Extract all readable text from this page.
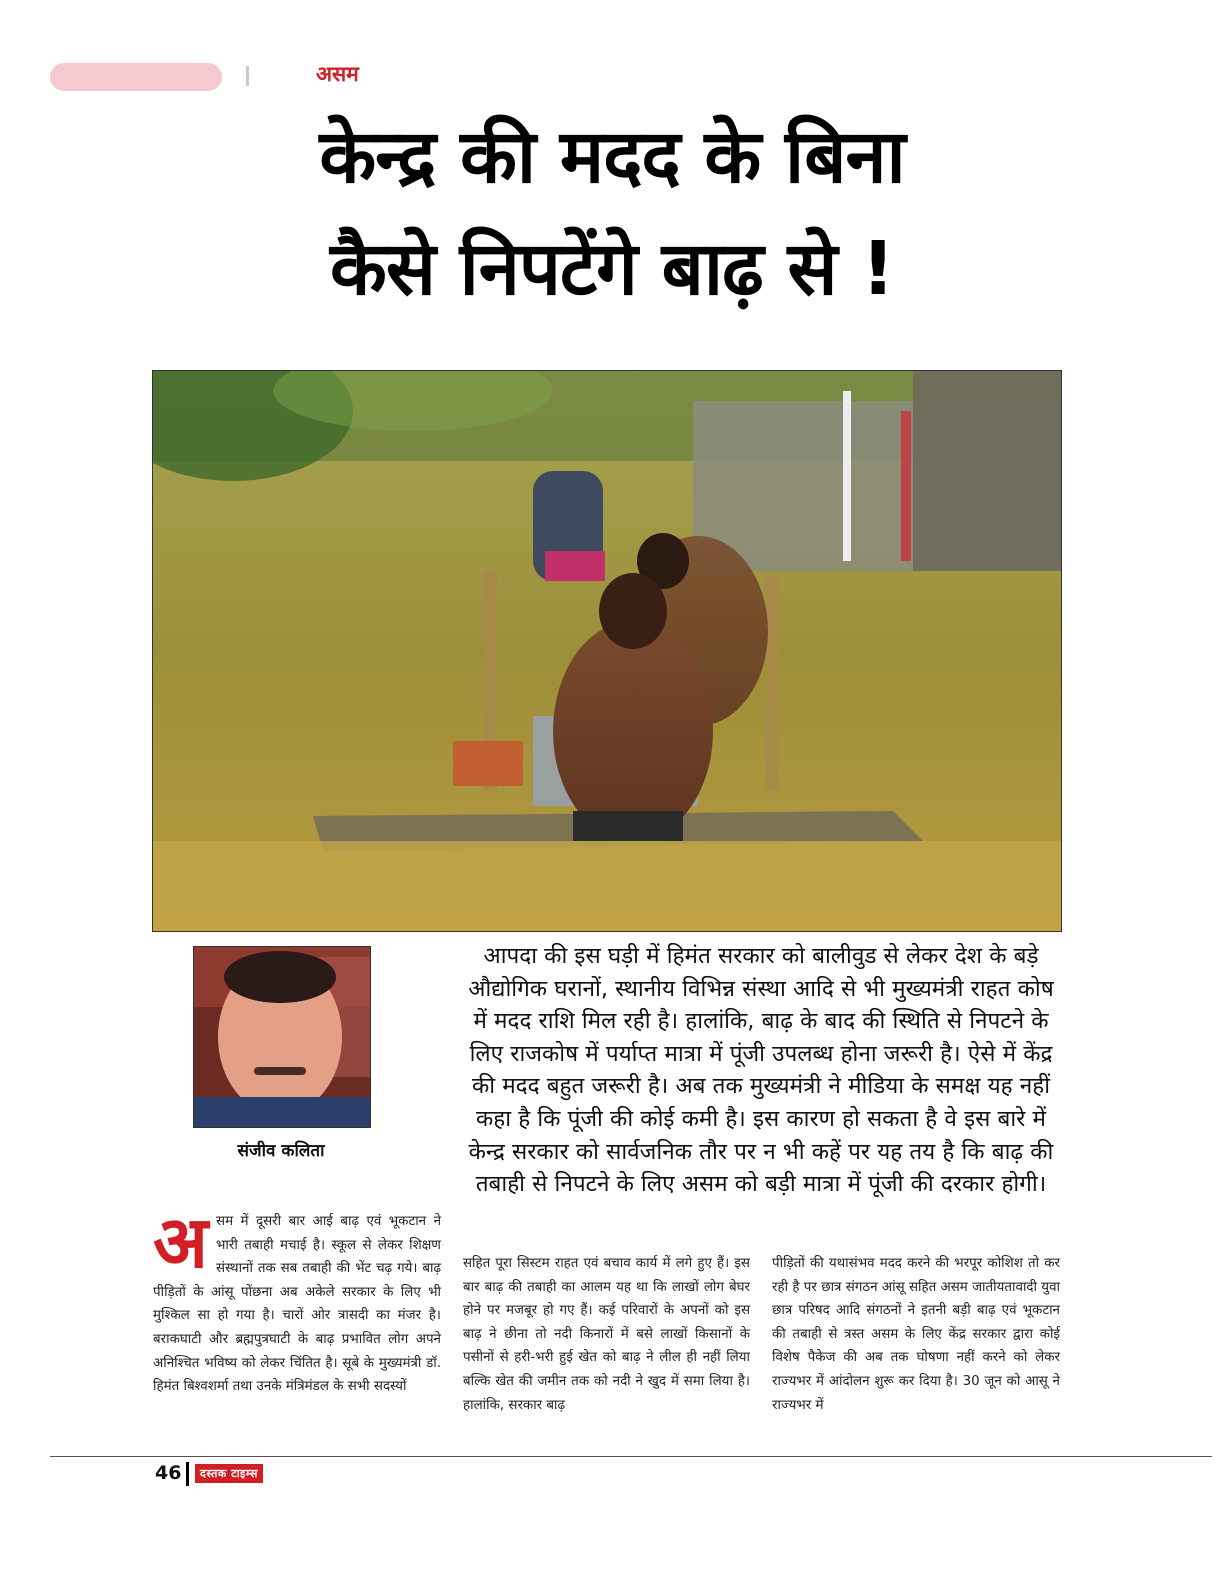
असम
केन्द्र की मदद के बिना
कैसे निपटेंगे बाढ़ से !
संजीव कलिता
आपदा की इस घड़ी में हिमंत सरकार को बालीवुड से लेकर देश के बड़े औद्योगिक घरानों, स्थानीय विभिन्न संस्था आदि से भी मुख्यमंत्री राहत कोष में मदद राशि मिल रही है। हालांकि, बाढ़ के बाद की स्थिति से निपटने के लिए राजकोष में पर्याप्त मात्रा में पूंजी उपलब्ध होना जरूरी है। ऐसे में केंद्र की मदद बहुत जरूरी है। अब तक मुख्यमंत्री ने मीडिया के समक्ष यह नहीं कहा है कि पूंजी की कोई कमी है। इस कारण हो सकता है वे इस बारे में केन्द्र सरकार को सार्वजनिक तौर पर न भी कहें पर यह तय है कि बाढ़ की तबाही से निपटने के लिए असम को बड़ी मात्रा में पूंजी की दरकार होगी।
अ सम में दूसरी बार आई बाढ़ एवं भूकटान ने भारी तबाही मचाई है। स्कूल से लेकर शिक्षण संस्थानों तक सब तबाही की भेंट चढ़ गये। बाढ़ पीड़ितों के आंसू पोंछना अब अकेले सरकार के लिए भी मुश्किल सा हो गया है। चारों ओर त्रासदी का मंजर है। बराकघाटी और ब्रह्मपुत्रघाटी के बाढ़ प्रभावित लोग अपने अनिश्चित भविष्य को लेकर चिंतित है। सूबे के मुख्यमंत्री डॉ. हिमंत बिश्वशर्मा तथा उनके मंत्रिमंडल के सभी सदस्यों
सहित पूरा सिस्टम राहत एवं बचाव कार्य में लगे हुए हैं। इस बार बाढ़ की तबाही का आलम यह था कि लाखों लोग बेघर होने पर मजबूर हो गए हैं। कई परिवारों के अपनों को इस बाढ़ ने छीना तो नदी किनारों में बसे लाखों किसानों के पसीनों से हरी-भरी हुई खेत को बाढ़ ने लील ही नहीं लिया बल्कि खेत की जमीन तक को नदी ने खुद में समा लिया है। हालांकि, सरकार बाढ़
पीड़ितों की यथासंभव मदद करने की भरपूर कोशिश तो कर रही है पर छात्र संगठन आंसू सहित असम जातीयतावादी युवा छात्र परिषद आदि संगठनों ने इतनी बड़ी बाढ़ एवं भूकटान की तबाही से त्रस्त असम के लिए केंद्र सरकार द्वारा कोई विशेष पैकेज की अब तक घोषणा नहीं करने को लेकर राज्यभर में आंदोलन शुरू कर दिया है। 30 जून को आसू ने राज्यभर में
46	दस्तक टाइम्स
